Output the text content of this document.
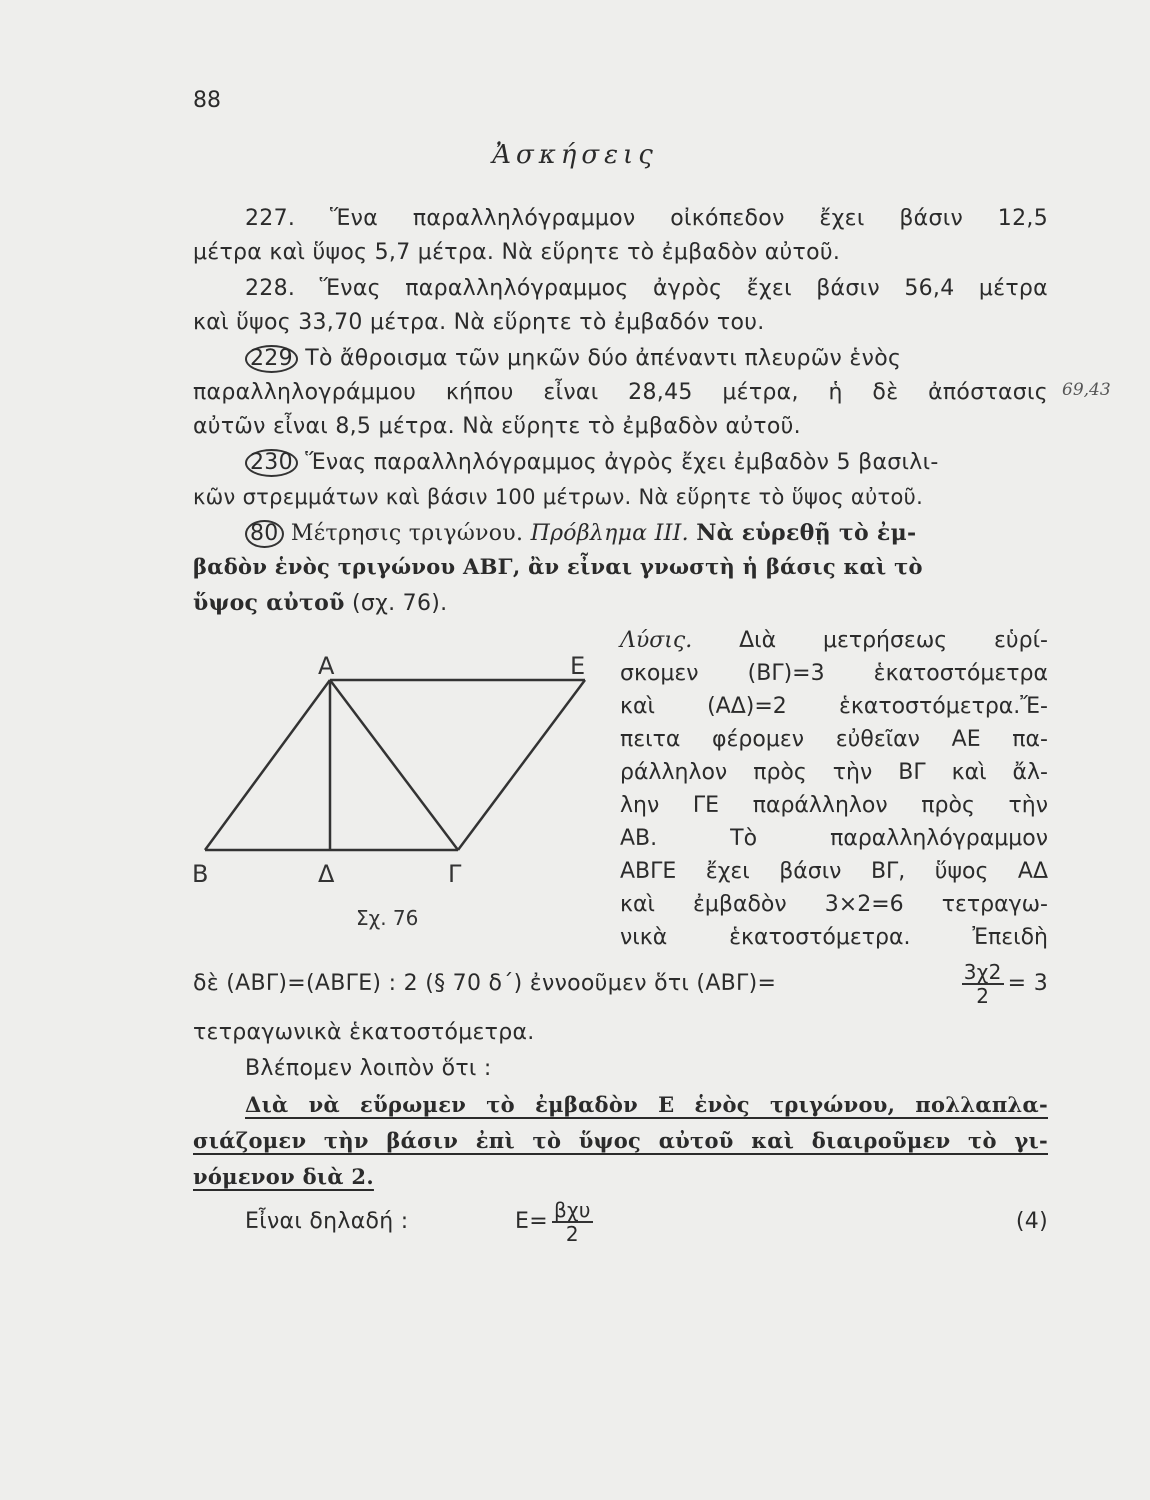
88
Ἀσκήσεις
227. Ἕνα παραλληλόγραμμον οἰκόπεδον ἔχει βάσιν 12,5
μέτρα καὶ ὕψος 5,7 μέτρα. Νὰ εὕρητε τὸ ἐμβαδὸν αὐτοῦ.
228. Ἕνας παραλληλόγραμμος ἀγρὸς ἔχει βάσιν 56,4 μέτρα
καὶ ὕψος 33,70 μέτρα. Νὰ εὕρητε τὸ ἐμβαδόν του.
229 Τὸ ἄθροισμα τῶν μηκῶν δύο ἀπέναντι πλευρῶν ἑνὸς
παραλληλογράμμου κήπου εἶναι 28,45 μέτρα, ἡ δὲ ἀπόστασις
αὐτῶν εἶναι 8,5 μέτρα. Νὰ εὕρητε τὸ ἐμβαδὸν αὐτοῦ.
69,43
230 Ἕνας παραλληλόγραμμος ἀγρὸς ἔχει ἐμβαδὸν 5 βασιλι-
κῶν στρεμμάτων καὶ βάσιν 100 μέτρων. Νὰ εὕρητε τὸ ὕψος αὐτοῦ.
80 Μέτρησις τριγώνου. Πρόβλημα ΙΙΙ. Νὰ εὑρεθῇ τὸ ἐμ-
βαδὸν ἑνὸς τριγώνου ΑΒΓ, ἂν εἶναι γνωστὴ ἡ βάσις καὶ τὸ
ὕψος αὐτοῦ (σχ. 76).
Α	Ε
Β	Δ	Γ
Σχ. 76
Λύσις. Διὰ μετρήσεως εὑρί-
σκομεν (ΒΓ)=3 ἑκατοστόμετρα
καὶ (ΑΔ)=2 ἑκατοστόμετρα.Ἔ-
πειτα φέρομεν εὐθεῖαν ΑΕ πα-
ράλληλον πρὸς τὴν ΒΓ καὶ ἄλ-
λην ΓΕ παράλληλον πρὸς τὴν
ΑΒ. Τὸ παραλληλόγραμμον
ΑΒΓΕ ἔχει βάσιν ΒΓ, ὕψος ΑΔ
καὶ ἐμβαδὸν 3×2=6 τετραγω-
νικὰ ἑκατοστόμετρα. Ἐπειδὴ
δὲ (ΑΒΓ)=(ΑΒΓΕ) : 2 (§ 70 δ´) ἐννοοῦμεν ὅτι (ΑΒΓ)=	$\frac{3\chi 2}{2} = 3$
τετραγωνικὰ ἑκατοστόμετρα.
Βλέπομεν λοιπὸν ὅτι :
Διὰ νὰ εὕρωμεν τὸ ἐμβαδὸν Ε ἑνὸς τριγώνου, πολλαπλα-
σιάζομεν τὴν βάσιν ἐπὶ τὸ ὕψος αὐτοῦ καὶ διαιροῦμεν τὸ γι-
νόμενον διὰ 2.
Εἶναι δηλαδή :	$E= \frac{\text{βχυ}}{2}$	(4)
